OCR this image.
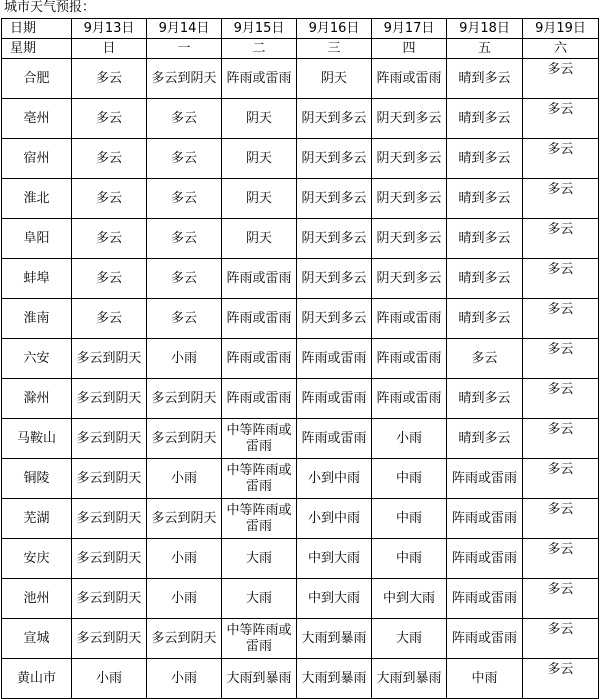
城市天气预报：
日期	9月13日	9月14日	9月15日	9月16日	9月17日	9月18日	9月19日
星期	日	一	二	三	四	五	六
合肥	多云	多云到阴天	阵雨或雷雨	阴天	阵雨或雷雨	晴到多云	多云
亳州	多云	多云	阴天	阴天到多云	阴天到多云	晴到多云	多云
宿州	多云	多云	阴天	阴天到多云	阴天到多云	晴到多云	多云
淮北	多云	多云	阴天	阴天到多云	阴天到多云	晴到多云	多云
阜阳	多云	多云	阴天	阴天到多云	阴天到多云	晴到多云	多云
蚌埠	多云	多云	阵雨或雷雨	阴天到多云	阴天到多云	晴到多云	多云
淮南	多云	多云	阵雨或雷雨	阴天到多云	阵雨或雷雨	晴到多云	多云
六安	多云到阴天	小雨	阵雨或雷雨	阵雨或雷雨	阵雨或雷雨	多云	多云
滁州	多云到阴天	多云到阴天	阵雨或雷雨	阵雨或雷雨	阵雨或雷雨	晴到多云	多云
马鞍山	多云到阴天	多云到阴天	中等阵雨或雷雨	阵雨或雷雨	小雨	晴到多云	多云
铜陵	多云到阴天	小雨	中等阵雨或雷雨	小到中雨	中雨	阵雨或雷雨	多云
芜湖	多云到阴天	多云到阴天	中等阵雨或雷雨	小到中雨	中雨	阵雨或雷雨	多云
安庆	多云到阴天	小雨	大雨	中到大雨	中雨	阵雨或雷雨	多云
池州	多云到阴天	小雨	大雨	中到大雨	中到大雨	阵雨或雷雨	多云
宣城	多云到阴天	多云到阴天	中等阵雨或雷雨	大雨到暴雨	大雨	阵雨或雷雨	多云
黄山市	小雨	小雨	大雨到暴雨	大雨到暴雨	大雨到暴雨	中雨	多云
